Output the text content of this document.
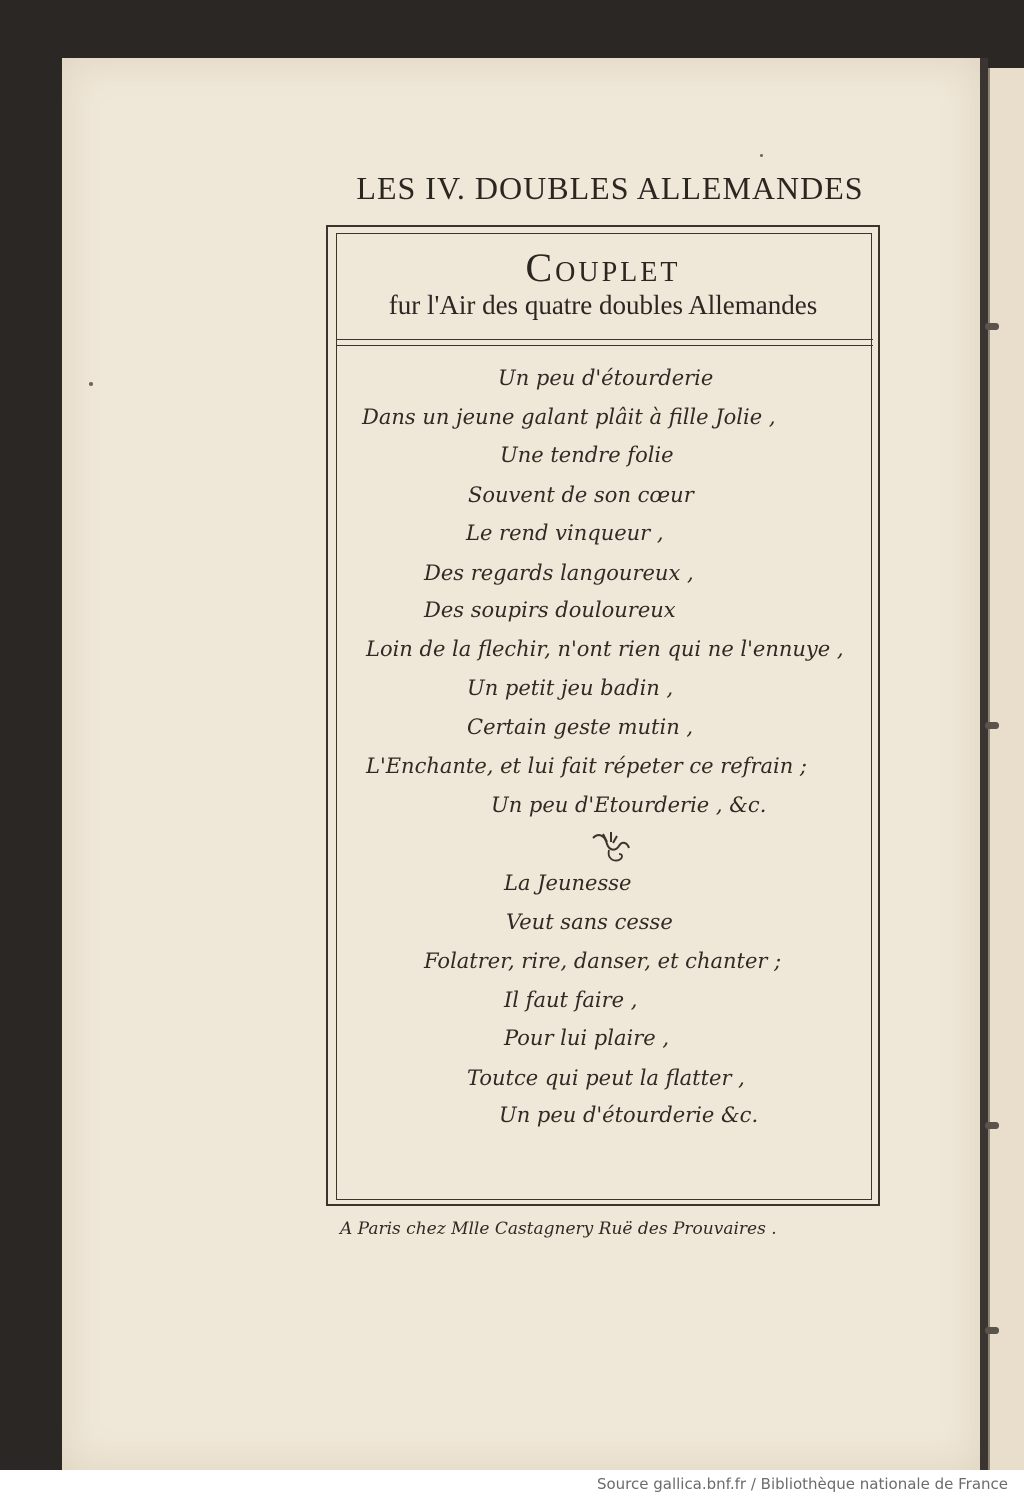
LES IV. DOUBLES ALLEMANDES
Couplet
fur l'Air des quatre doubles Allemandes
Un peu d'étourderie
Dans un jeune galant plâit à fille Jolie ,
Une tendre folie
Souvent de son cœur
Le rend vinqueur ,
Des regards langoureux ,
Des soupirs douloureux
Loin de la flechir, n'ont rien qui ne l'ennuye ,
Un petit jeu badin ,
Certain geste mutin ,
L'Enchante, et lui fait répeter ce refrain ;
Un peu d'Etourderie , &c.
La Jeunesse
Veut sans cesse
Folatrer, rire, danser, et chanter ;
Il faut faire ,
Pour lui plaire ,
Toutce qui peut la flatter ,
Un peu d'étourderie &c.
A Paris chez Mlle Castagnery Ruë des Prouvaires .
Source gallica.bnf.fr / Bibliothèque nationale de France
